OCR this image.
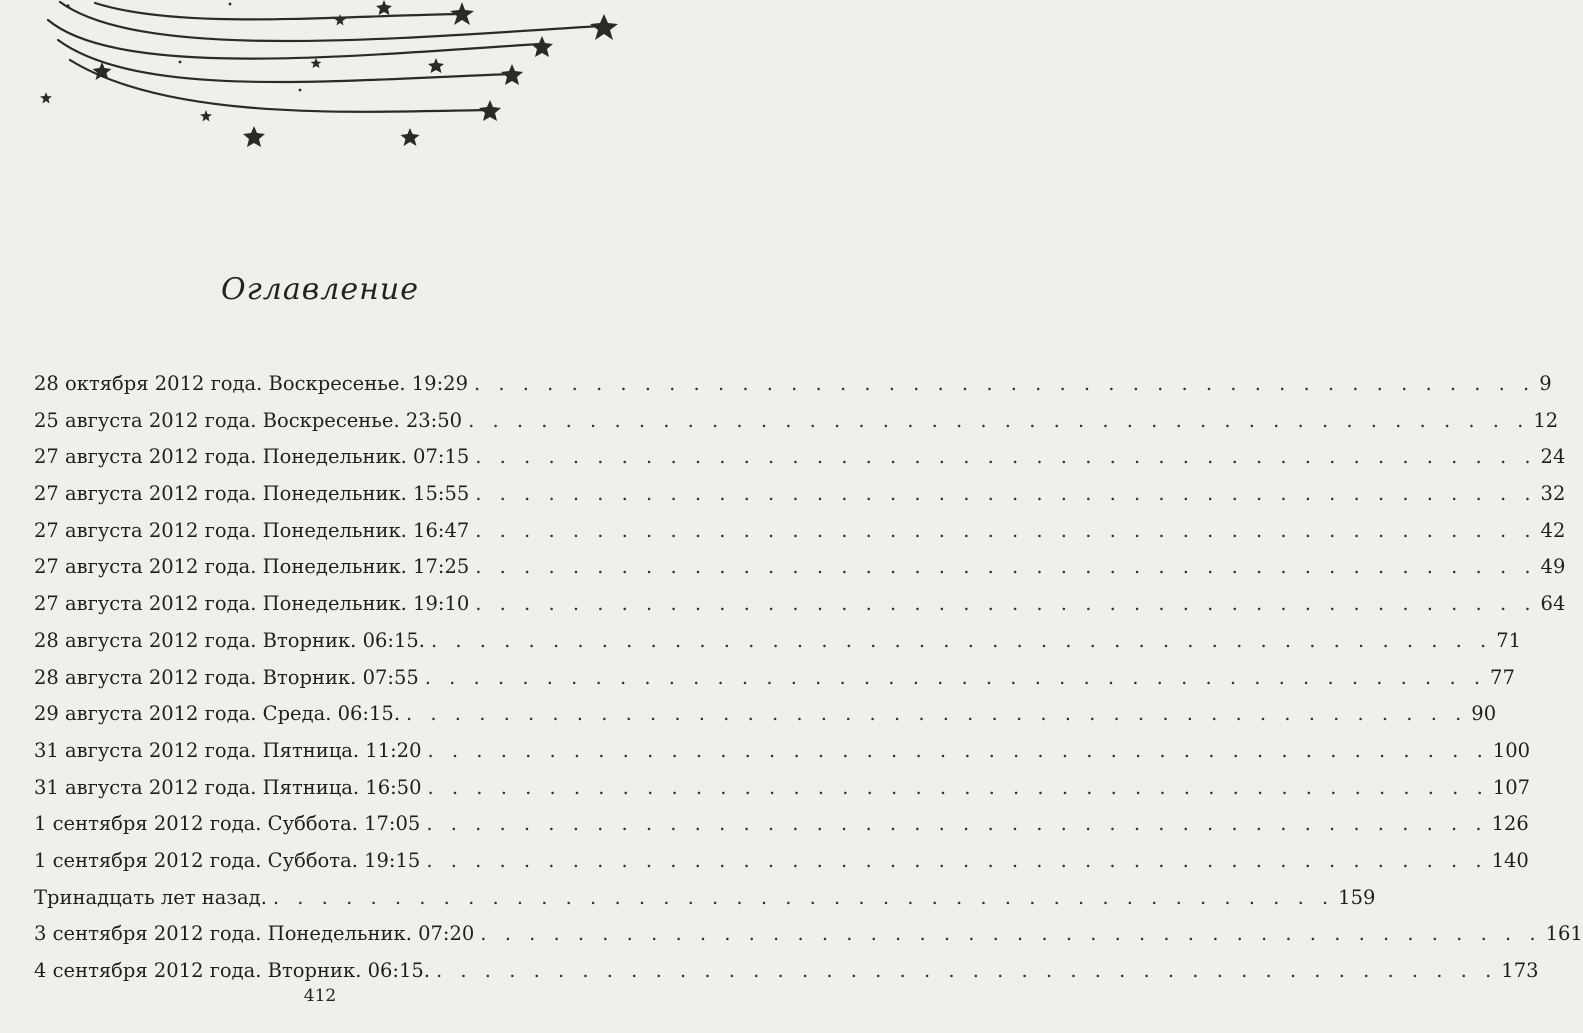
Оглавление
28 октября 2012 года. Воскресенье. 19:29 . . . . . . . . . . . . . . . . . . . . . . . . . . . . . . . . . . . . . . . . . . . . 9
25 августа 2012 года. Воскресенье. 23:50 . . . . . . . . . . . . . . . . . . . . . . . . . . . . . . . . . . . . . . . . . . . . 12
27 августа 2012 года. Понедельник. 07:15 . . . . . . . . . . . . . . . . . . . . . . . . . . . . . . . . . . . . . . . . . . . . 24
27 августа 2012 года. Понедельник. 15:55 . . . . . . . . . . . . . . . . . . . . . . . . . . . . . . . . . . . . . . . . . . . . 32
27 августа 2012 года. Понедельник. 16:47 . . . . . . . . . . . . . . . . . . . . . . . . . . . . . . . . . . . . . . . . . . . . 42
27 августа 2012 года. Понедельник. 17:25 . . . . . . . . . . . . . . . . . . . . . . . . . . . . . . . . . . . . . . . . . . . . 49
27 августа 2012 года. Понедельник. 19:10 . . . . . . . . . . . . . . . . . . . . . . . . . . . . . . . . . . . . . . . . . . . . 64
28 августа 2012 года. Вторник. 06:15. . . . . . . . . . . . . . . . . . . . . . . . . . . . . . . . . . . . . . . . . . . . . 71
28 августа 2012 года. Вторник. 07:55 . . . . . . . . . . . . . . . . . . . . . . . . . . . . . . . . . . . . . . . . . . . . 77
29 августа 2012 года. Среда. 06:15. . . . . . . . . . . . . . . . . . . . . . . . . . . . . . . . . . . . . . . . . . . . . 90
31 августа 2012 года. Пятница. 11:20 . . . . . . . . . . . . . . . . . . . . . . . . . . . . . . . . . . . . . . . . . . . . 100
31 августа 2012 года. Пятница. 16:50 . . . . . . . . . . . . . . . . . . . . . . . . . . . . . . . . . . . . . . . . . . . . 107
1 сентября 2012 года. Суббота. 17:05 . . . . . . . . . . . . . . . . . . . . . . . . . . . . . . . . . . . . . . . . . . . . 126
1 сентября 2012 года. Суббота. 19:15 . . . . . . . . . . . . . . . . . . . . . . . . . . . . . . . . . . . . . . . . . . . . 140
Тринадцать лет назад. . . . . . . . . . . . . . . . . . . . . . . . . . . . . . . . . . . . . . . . . . . . . 159
3 сентября 2012 года. Понедельник. 07:20 . . . . . . . . . . . . . . . . . . . . . . . . . . . . . . . . . . . . . . . . . . . . 161
4 сентября 2012 года. Вторник. 06:15. . . . . . . . . . . . . . . . . . . . . . . . . . . . . . . . . . . . . . . . . . . . . 173
412
